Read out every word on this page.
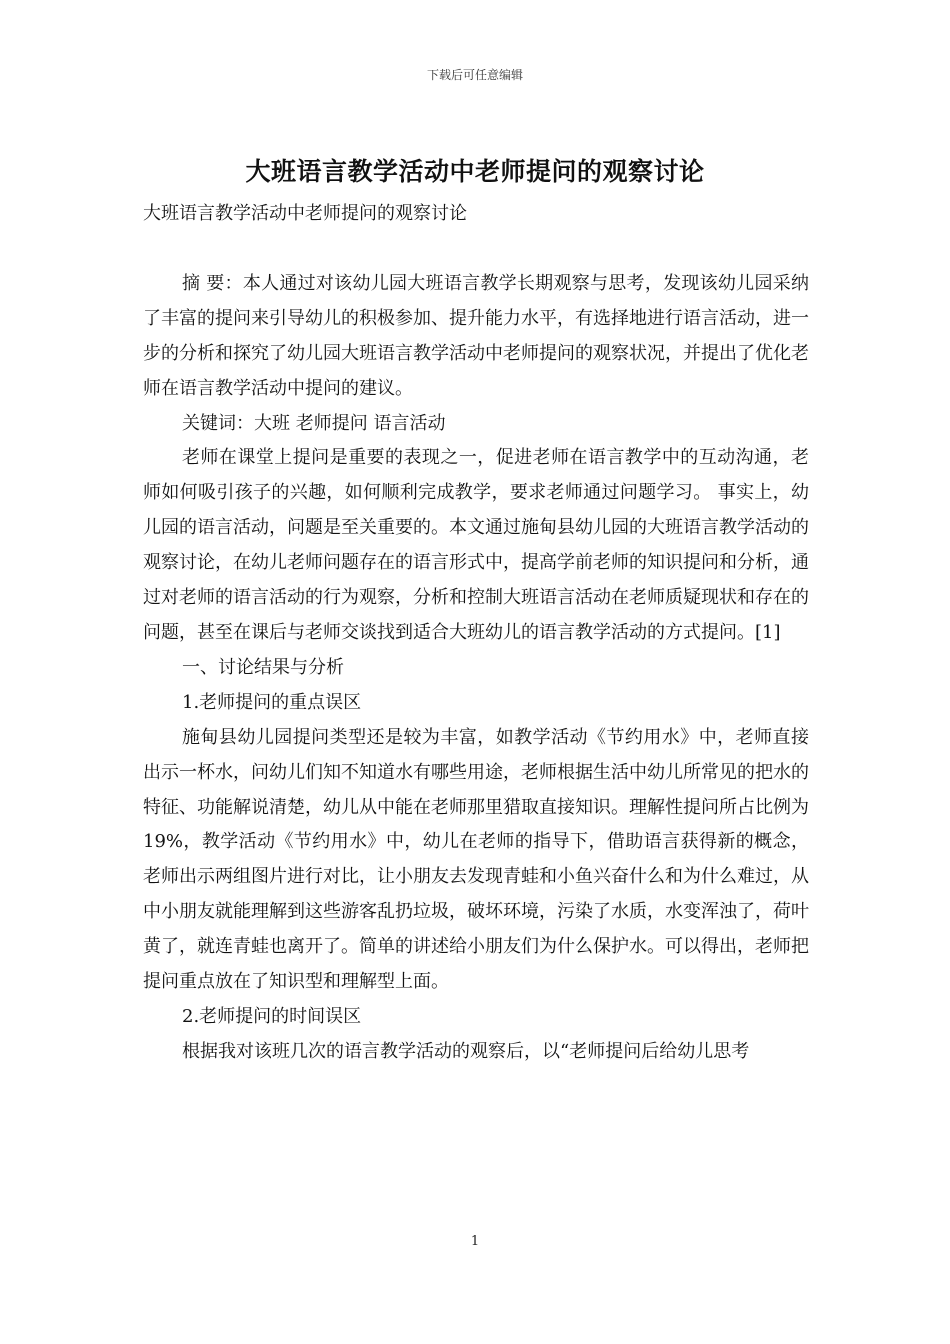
下载后可任意编辑
大班语言教学活动中老师提问的观察讨论

大班语言教学活动中老师提问的观察讨论

摘 要：本人通过对该幼儿园大班语言教学长期观察与思考，发现该幼儿园采纳了丰富的提问来引导幼儿的积极参加、提升能力水平，有选择地进行语言活动，进一步的分析和探究了幼儿园大班语言教学活动中老师提问的观察状况，并提出了优化老师在语言教学活动中提问的建议。

关键词：大班 老师提问 语言活动

老师在课堂上提问是重要的表现之一，促进老师在语言教学中的互动沟通，老师如何吸引孩子的兴趣，如何顺利完成教学，要求老师通过问题学习。 事实上，幼儿园的语言活动，问题是至关重要的。本文通过施甸县幼儿园的大班语言教学活动的观察讨论，在幼儿老师问题存在的语言形式中，提高学前老师的知识提问和分析，通过对老师的语言活动的行为观察，分析和控制大班语言活动在老师质疑现状和存在的问题，甚至在课后与老师交谈找到适合大班幼儿的语言教学活动的方式提问。[1]

一、讨论结果与分析

1.老师提问的重点误区

施甸县幼儿园提问类型还是较为丰富，如教学活动《节约用水》中，老师直接出示一杯水，问幼儿们知不知道水有哪些用途，老师根据生活中幼儿所常见的把水的特征、功能解说清楚，幼儿从中能在老师那里猎取直接知识。理解性提问所占比例为19%，教学活动《节约用水》中，幼儿在老师的指导下，借助语言获得新的概念，老师出示两组图片进行对比，让小朋友去发现青蛙和小鱼兴奋什么和为什么难过，从中小朋友就能理解到这些游客乱扔垃圾，破坏环境，污染了水质，水变浑浊了，荷叶黄了，就连青蛙也离开了。简单的讲述给小朋友们为什么保护水。可以得出，老师把提问重点放在了知识型和理解型上面。

2.老师提问的时间误区

根据我对该班几次的语言教学活动的观察后，以“老师提问后给幼儿思考

1
